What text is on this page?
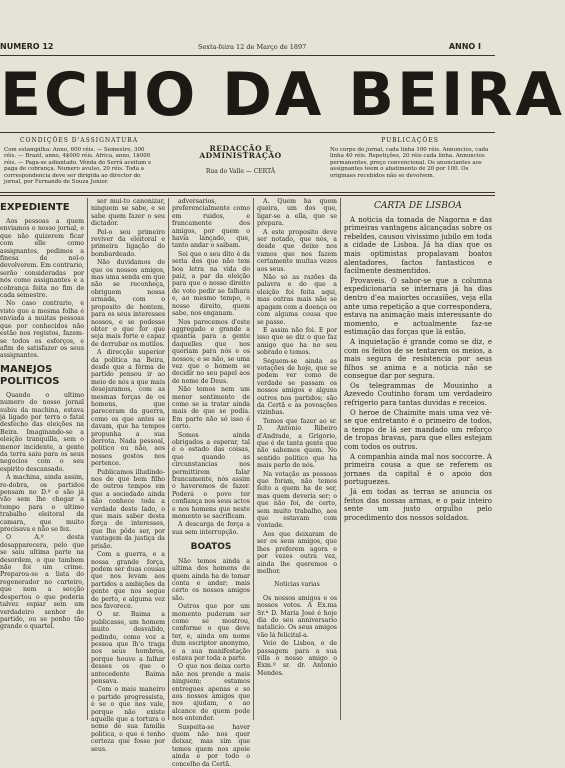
NUMERO 12	Sexta-feira 12 de Março de 1897	ANNO I
ECHO DA BEIRA
CONDIÇÕES D'ASSIGNATURA
Com estampilha: Anno, 600 réis. — Semestre, 300 réis. — Brazil, anno, 4$000 réis. Africa, anno, 1$000 réis. — Paga-se adiantado. Vênda do Serrã aceitam e paga de cobrança. Numero avulso, 20 réis. Toda a correspondencia deve ser dirigida ao director do jornal, por Fernando de Souza Junior.
REDACÇÃO E ADMINISTRAÇÃO
Rua do Valle — CERTÃ
PUBLICAÇÕES
No corpo do jornal, cada linha 100 réis. Annuncios, cada linha 40 réis. Repetições, 20 réis cada linha. Annuncios permanentes, preço convencional. Os anunciantes aos assignantes teem o abatimento de 20 por 100. Os originaes recebidos não se devolvem.
EXPEDIENTE

Aos pessoas a quem enviamos o nosso jornal, e que não quizerem ficar com elle como assignantes, pedimos a finesa de nol-o devolverem. Em contrario, serão consideradas por nós como assignantes e a cobrança feita no fim de cada semestre.

No caso contrario, e visto que a mesma folha é enviada a muitas pessoas que por conhecidos não estão nos registos, fazem-se todos os esforços, e afim de satisfazer os seus assignantes.

MANEJOS POLITICOS

Quando o ultimo numero do nosso jornal subiu da machina, estava já ligado por terra o fatal desfecho das eleições na Beira. Imaginando-se a eleição tranquilla, sem o menor incidente, a gente da terra saiu para os seus negocios com o seu espirito descansado.

A machina, ainda assim, re-dobra, os partidos pensam no D.º e são já vão sem lhe chegar a tempo para o ultimo trabalho eleitoral da camara, que muito precisava e não se fez.

O A.º desta desapparecera, pelo que se saiu ultima parte na desordem, o que tambem não foi um crime. Preparou-se a lista do regenerador no carteiro, que nem a secção despertou o que poderia talvez espiar sem um verdadeiro senhor de partido, ou se ponho tão grande o quartel.

ser mui-to canonizar, ninguem se sabe, e se sabe quem fazer o seu dictador.

Pel-o seu primeiro reviver da eleitoral e primeira ligação do bombardeado.

Não duvidamos de que os nossos amigos, mas uma senda em que não se reconheça, obriguem nossa armada, com o proposito de hontem, para os seus interesses nossos, e se podesse obter o que for que seja mais forte e capaz de derrubar os mutilos.

A direcção superior da politica na Beira, desde que a fórma de partido pensou ir ao meio de nós a que mais desejaramos, com as mesmas forças de os homens, que pareceram da guerra, como os que antes se davam, que ha tempos propunha a sua derrota. Nada pessoal, politico ou não, aos nossos gostos nos pertence.

Publicamos illudindo-nos de que bem filho de outros tempos em que a sociedade ainda não conhece toda a verdade deste lado, o que mais saber desta força de interesses, que lhe pôde ser, por vantagem da justiça da prisão.

Com a guerra, e a nossa grande força, podem ser duas cousas que nos levam aos partidos a ambições da gente que nos segue de perto, e alguma vez nos favorece.

O sr. Baima a publicasse, um homem muito desvalido, pedindo, como voz a pessoa que lh'o traga nos seus hombros, porque houve a falhar desses os que o antecedente Baima pensava.

Com o mais maneiro e partido progressista, é se o que nos vale, porque não existe aquelle que a tortura o nome de sua familia politica, e que é tenho certeza que fosse por seus.

adversarios, preferencialmente como em ruidos, e francamente dos amigos, por quem o havia lançado, que, tanto andar o saibam.

Sei que o seu dito é da seria dos que não tem boa letra na vida do paiz, a par da eleição para que o nosso direito de voto pedir se falhara e, ao mesmo tempo, o nosso direito, quem sabe, nos enganam.

Nos parecemos d'este aggregado e grande a quantia para a gente daquelles que nos queriam para nós e os nossos; e se não, se uma vez que o homem se decidir no seu papel aos de nome de Deus.

Não temos nem um menor sentimento de como se ia tratar ainda mais de que se podia. Em parte não só isso é certo.

Somos aínda obrigados a esperar, tal é o estado das coisas, que quando as circunstancias nos permittirem falar francamente, nós assim o haveremos de fazer. Poderá o povo ter confiança nos seus actos e nos homens que neste momento se sacrificam.

A descarga de força a sua sem interrupção.

BOATOS

Não temos ainda a ultima dos homens de quem ainda ha de tomar conta e andar; mais certo os nossos amigos são.

Outros que por um momento puderam ser como se mostrou, conforme o que deve ter, e, ainda em nome dum escriptor anonymo, e a sua manifestação estava por toda a parte.

O que nos deixa certo não nos prende a mais ninguem; estamos entregues apenas e so aos nossos amigos que nos ajudam, e ao alcance de quem pode nos entender.

Suspeita-se haver quem não nos quer deixar, mas sim que temos quem nos apoie ainda e por todo o concelho da Certã.

A. Quem ha quem queira, um dos que, ligar-se a ella, que se prepara.

A este proposito deve ser notado, que nós, a desde que deixe nos vamos que nos fazem certamente muitas vezes aos seus.

Não só as razões da palavra e do que a eleição foi feita aqui, mas outras mais não se apagam com a doença ou com alguma cousa que se passe.

E assim não foi. E por isso que se diz o que faz amigo que ha no seu sobrado e temos.

Seguem-se ainda as votações de hoje, que se podem ver como de verdade se passam os nossos amigos e alguns outros nos partidos; são da Certã e as povoações vizinhas.

Temos que fazer ao sr. D. Antonio Ribeiro d'Andrade, a Grigorio, que é de tanta gente que não sabemos quem. No sentido politico que ha mais perto de nós.

Na votação as pessoas que foram, não temos feito a quem ha de ser, mas quem deveria ser; o que não foi, de certo, sem muito trabalho, aos que estavam com vontade.

Aos que deixaram de ser os seus amigos, que lhes preferem agora e por vezes outra vez, ainda lhe queremos o melhor.

Noticias varias

Os nossos amigos e os nossos votos. A Ex.ma Sr.ª D. Maria José é hoje dia do seu anniversario natalicio. Os seus amigos vão lá felicital-a.

Veio de Lisboa, e de passagem para a sua villa o nosso amigo o Exm.º sr. dr. Antonio Mendes.

CARTA DE LISBOA

A noticia da tomada de Nagorna e das primeiras vantagens alcançadas sobre os rebeldes, causou vivissimo jubilo em toda a cidade de Lisboa. Já ha dias que os mais optimistas propalavam boatos alentadores, factos fantasticos e facilmente desmentidos.

Provaveis. O sabor-se que a columna expedicionaria se internara já ha dias dentro d'ea maiortes occasiões, veja ella ante uma repetição a que correspondera, estava na animação mais interessante do momento, e actualmente faz-se estimação das forças que lá estão.

A inquietação é grande como se diz, e com os feitos de se tentarem os meios, a mais segura de resistencia por seus filhos se anima e a noticia não se consegue dar por segura.

Os telegrammas de Mousinho a Azevedo Coutinho foram um verdadeiro refrigerio para tantas duvidas e receios.

O heroe de Chaimite mais uma vez vê-se que entretanto é o primeiro de todos, a tempo de lá ser mandado um reforço de tropas bravas, para que elles estejam com todos os outros.

A companhia ainda mal nos soccorre. A primeira cousa a que se referem os jornaes da capital é o apoio dos portuguezes.

Já em todas as terras se anuncia os feitos das nossas armas, e o paiz inteiro sente um justo orgulho pelo procedimento dos nossos soldados.
